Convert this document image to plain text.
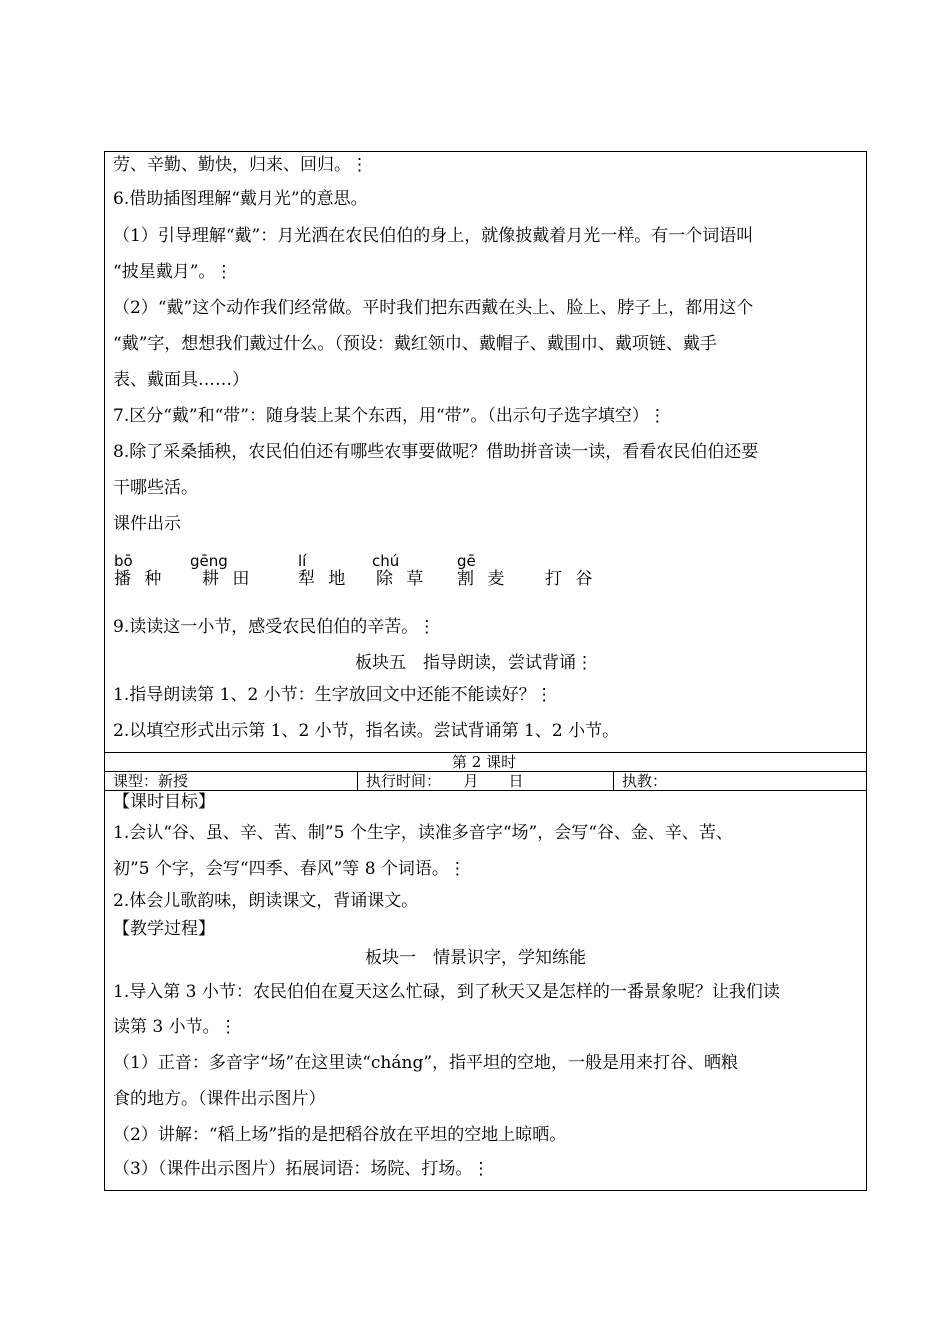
劳、辛勤、勤快，归来、回归。⋮
6.借助插图理解“戴月光”的意思。
（1）引导理解“戴”：月光洒在农民伯伯的身上，就像披戴着月光一样。有一个词语叫
“披星戴月”。⋮
（2）“戴”这个动作我们经常做。平时我们把东西戴在头上、脸上、脖子上，都用这个
“戴”字，想想我们戴过什么。（预设：戴红领巾、戴帽子、戴围巾、戴项链、戴手
表、戴面具……）
7.区分“戴”和“带”：随身装上某个东西，用“带”。（出示句子选字填空）⋮
8.除了采桑插秧，农民伯伯还有哪些农事要做呢？借助拼音读一读，看看农民伯伯还要
干哪些活。
课件出示
bō
播 种
gēng
耕 田
lí
犁 地
chú
除 草
gē
割 麦 打 谷
9.读读这一小节，感受农民伯伯的辛苦。⋮
板块五　指导朗读，尝试背诵⋮
1.指导朗读第 1、2 小节：生字放回文中还能不能读好？⋮
2.以填空形式出示第 1、2 小节，指名读。尝试背诵第 1、2 小节。
第 2 课时
课型：新授	执行时间：　　月　　日	执教：
【课时目标】
1.会认“谷、虽、辛、苦、制”5 个生字，读准多音字“场”，会写“谷、金、辛、苦、
初”5 个字，会写“四季、春风”等 8 个词语。⋮
2.体会儿歌韵味，朗读课文，背诵课文。
【教学过程】
板块一　情景识字，学知练能
1.导入第 3 小节：农民伯伯在夏天这么忙碌，到了秋天又是怎样的一番景象呢？让我们读
读第 3 小节。⋮
（1）正音：多音字“场”在这里读“cháng”，指平坦的空地，一般是用来打谷、晒粮
食的地方。（课件出示图片）
（2）讲解：“稻上场”指的是把稻谷放在平坦的空地上晾晒。
（3）（课件出示图片）拓展词语：场院、打场。⋮
